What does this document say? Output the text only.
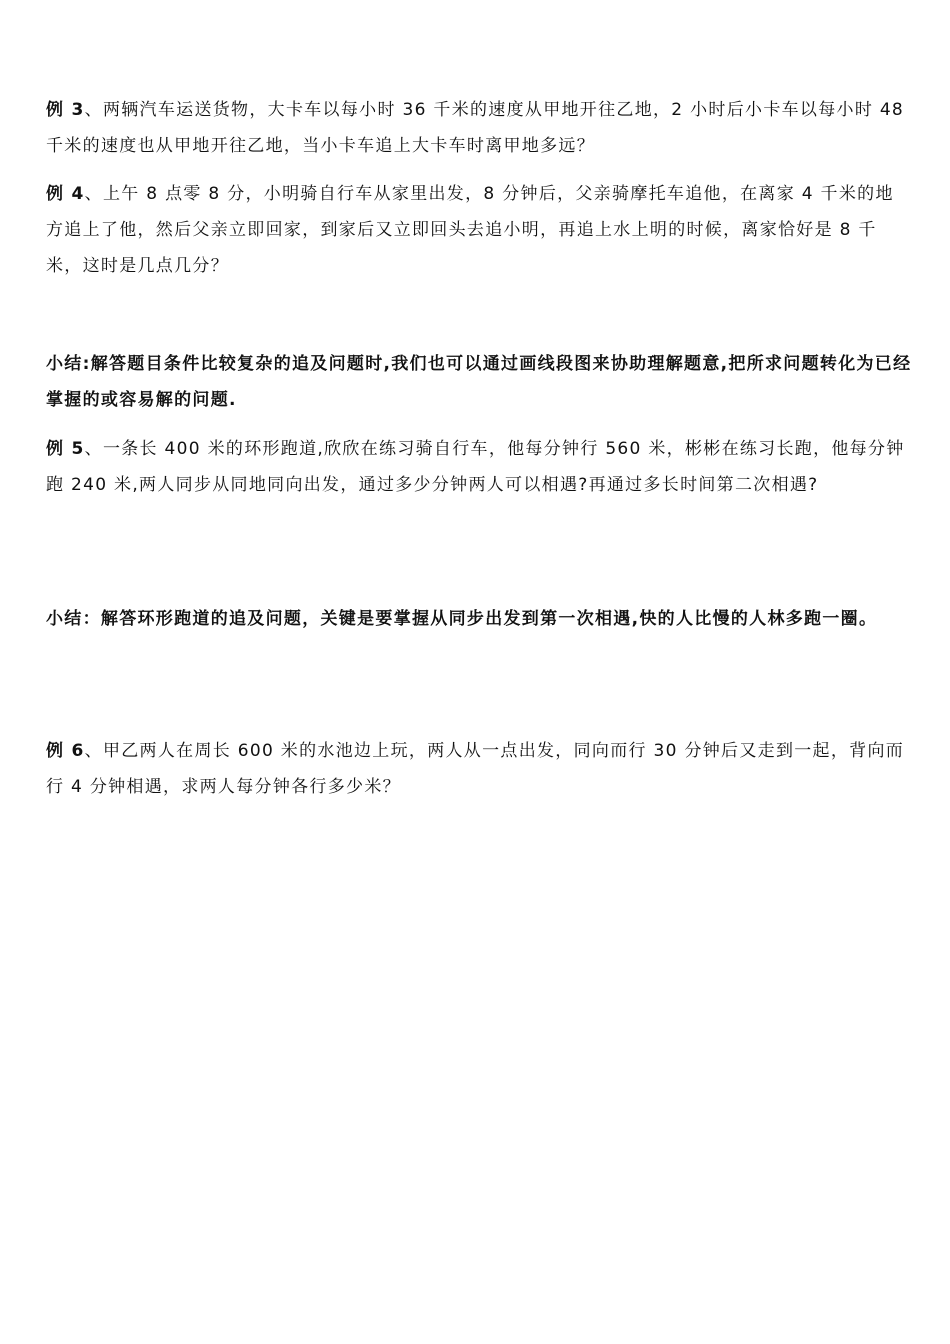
例 3、两辆汽车运送货物，大卡车以每小时 36 千米的速度从甲地开往乙地，2 小时后小卡车以每小时 48 千米的速度也从甲地开往乙地，当小卡车追上大卡车时离甲地多远？
例 4、上午 8 点零 8 分，小明骑自行车从家里出发，8 分钟后，父亲骑摩托车追他，在离家 4 千米的地方追上了他，然后父亲立即回家，到家后又立即回头去追小明，再追上水上明的时候，离家恰好是 8 千米，这时是几点几分？
小结:解答题目条件比较复杂的追及问题时,我们也可以通过画线段图来协助理解题意,把所求问题转化为已经掌握的或容易解的问题.
例 5、一条长 400 米的环形跑道,欣欣在练习骑自行车，他每分钟行 560 米，彬彬在练习长跑，他每分钟跑 240 米,两人同步从同地同向出发，通过多少分钟两人可以相遇?再通过多长时间第二次相遇?
小结：解答环形跑道的追及问题，关键是要掌握从同步出发到第一次相遇,快的人比慢的人林多跑一圈。
例 6、甲乙两人在周长 600 米的水池边上玩，两人从一点出发，同向而行 30 分钟后又走到一起，背向而行 4 分钟相遇，求两人每分钟各行多少米？
